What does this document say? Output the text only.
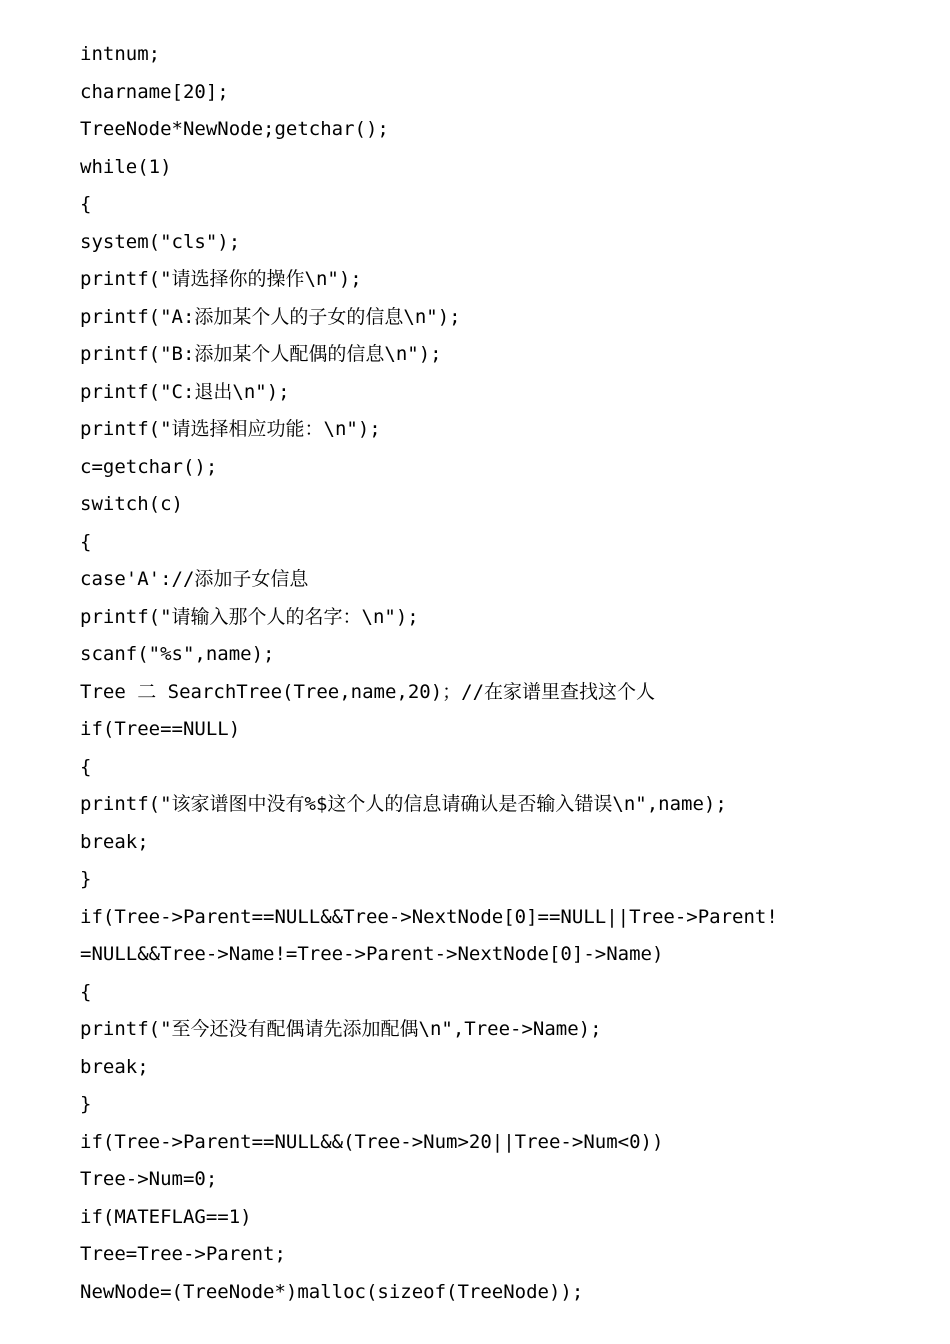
intnum;
charname[20];
TreeNode*NewNode;getchar();
while(1)
{
system("cls");
printf("请选择你的操作\n");
printf("A:添加某个人的子女的信息\n");
printf("B:添加某个人配偶的信息\n");
printf("C:退出\n");
printf("请选择相应功能：\n");
c=getchar();
switch(c)
{
case'A'://添加子女信息
printf("请输入那个人的名字：\n");
scanf("%s",name);
Tree 二 SearchTree(Tree,name,20)；//在家谱里查找这个人
if(Tree==NULL)
{
printf("该家谱图中没有%$这个人的信息请确认是否输入错误\n",name);
break;
}
if(Tree->Parent==NULL&&Tree->NextNode[0]==NULL||Tree->Parent!
=NULL&&Tree->Name!=Tree->Parent->NextNode[0]->Name)
{
printf("至今还没有配偶请先添加配偶\n",Tree->Name);
break;
}
if(Tree->Parent==NULL&&(Tree->Num>20||Tree->Num<0))
Tree->Num=0;
if(MATEFLAG==1)
Tree=Tree->Parent;
NewNode=(TreeNode*)malloc(sizeof(TreeNode));
